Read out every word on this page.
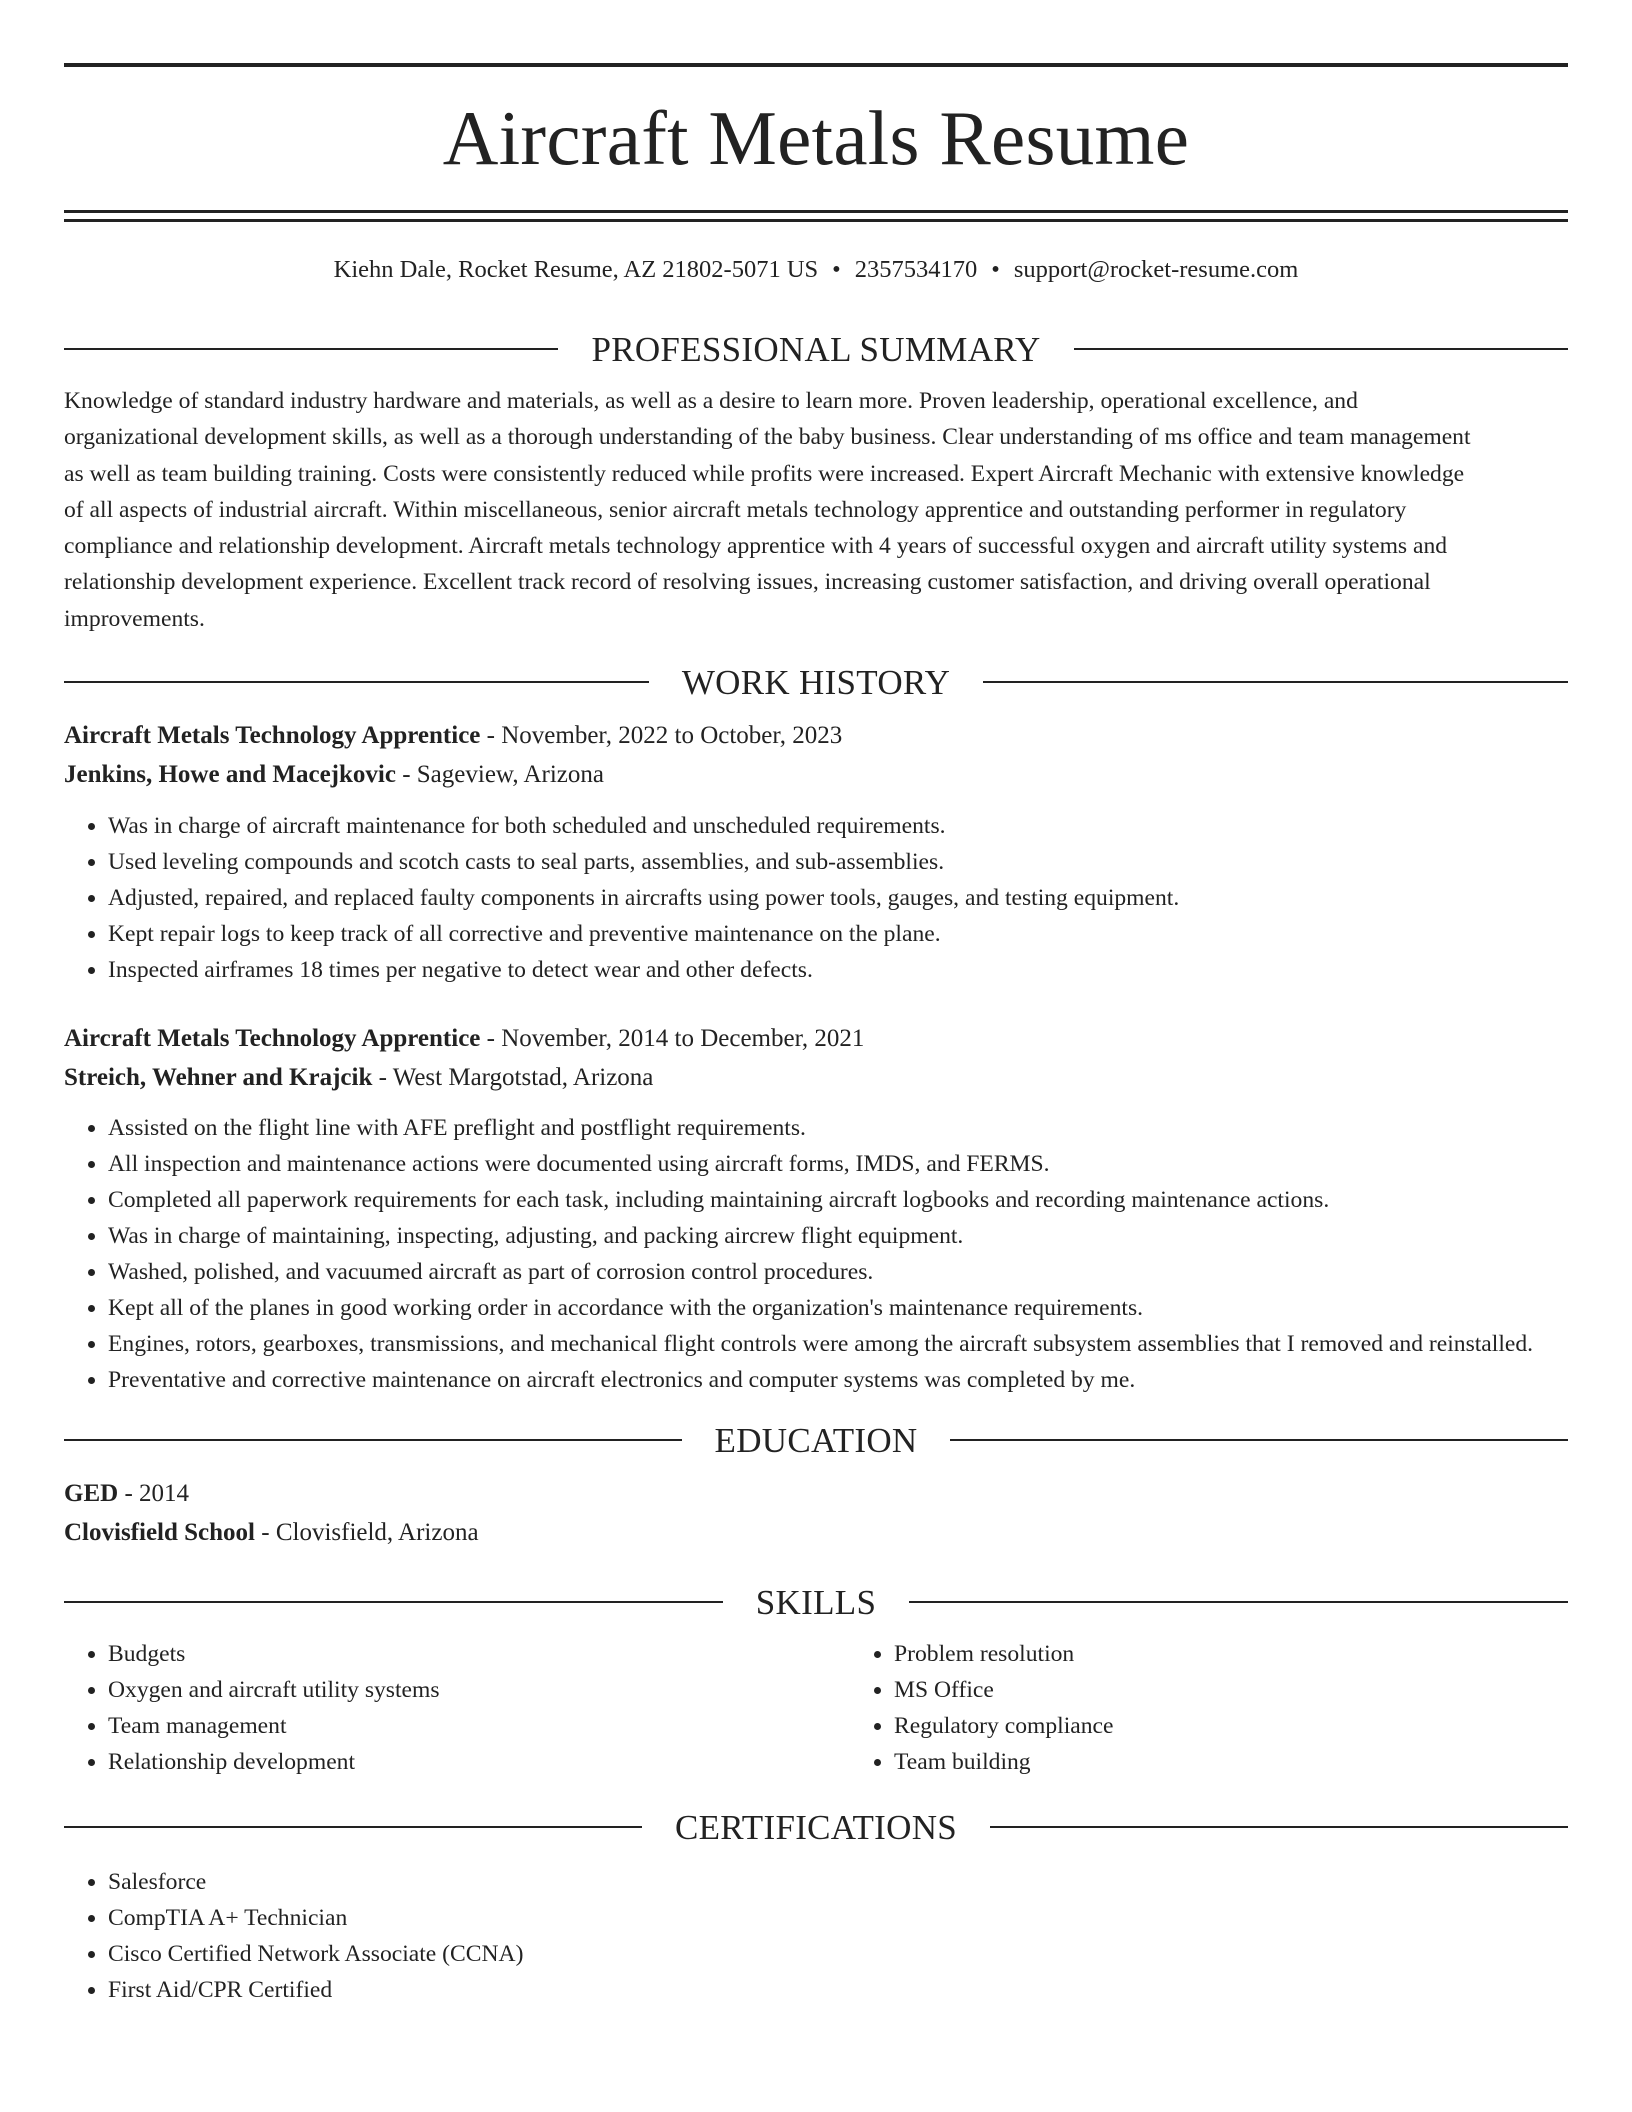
Aircraft Metals Resume
Kiehn Dale, Rocket Resume, AZ 21802-5071 US • 2357534170 • support@rocket-resume.com
PROFESSIONAL SUMMARY
Knowledge of standard industry hardware and materials, as well as a desire to learn more. Proven leadership, operational excellence, and
organizational development skills, as well as a thorough understanding of the baby business. Clear understanding of ms office and team management
as well as team building training. Costs were consistently reduced while profits were increased. Expert Aircraft Mechanic with extensive knowledge
of all aspects of industrial aircraft. Within miscellaneous, senior aircraft metals technology apprentice and outstanding performer in regulatory
compliance and relationship development. Aircraft metals technology apprentice with 4 years of successful oxygen and aircraft utility systems and
relationship development experience. Excellent track record of resolving issues, increasing customer satisfaction, and driving overall operational
improvements.
WORK HISTORY
Aircraft Metals Technology Apprentice - November, 2022 to October, 2023
Jenkins, Howe and Macejkovic - Sageview, Arizona
• Was in charge of aircraft maintenance for both scheduled and unscheduled requirements.
• Used leveling compounds and scotch casts to seal parts, assemblies, and sub-assemblies.
• Adjusted, repaired, and replaced faulty components in aircrafts using power tools, gauges, and testing equipment.
• Kept repair logs to keep track of all corrective and preventive maintenance on the plane.
• Inspected airframes 18 times per negative to detect wear and other defects.
Aircraft Metals Technology Apprentice - November, 2014 to December, 2021
Streich, Wehner and Krajcik - West Margotstad, Arizona
• Assisted on the flight line with AFE preflight and postflight requirements.
• All inspection and maintenance actions were documented using aircraft forms, IMDS, and FERMS.
• Completed all paperwork requirements for each task, including maintaining aircraft logbooks and recording maintenance actions.
• Was in charge of maintaining, inspecting, adjusting, and packing aircrew flight equipment.
• Washed, polished, and vacuumed aircraft as part of corrosion control procedures.
• Kept all of the planes in good working order in accordance with the organization's maintenance requirements.
• Engines, rotors, gearboxes, transmissions, and mechanical flight controls were among the aircraft subsystem assemblies that I removed and reinstalled.
• Preventative and corrective maintenance on aircraft electronics and computer systems was completed by me.
EDUCATION
GED - 2014
Clovisfield School - Clovisfield, Arizona
SKILLS
• Budgets
• Oxygen and aircraft utility systems
• Team management
• Relationship development
• Problem resolution
• MS Office
• Regulatory compliance
• Team building
CERTIFICATIONS
• Salesforce
• CompTIA A+ Technician
• Cisco Certified Network Associate (CCNA)
• First Aid/CPR Certified
